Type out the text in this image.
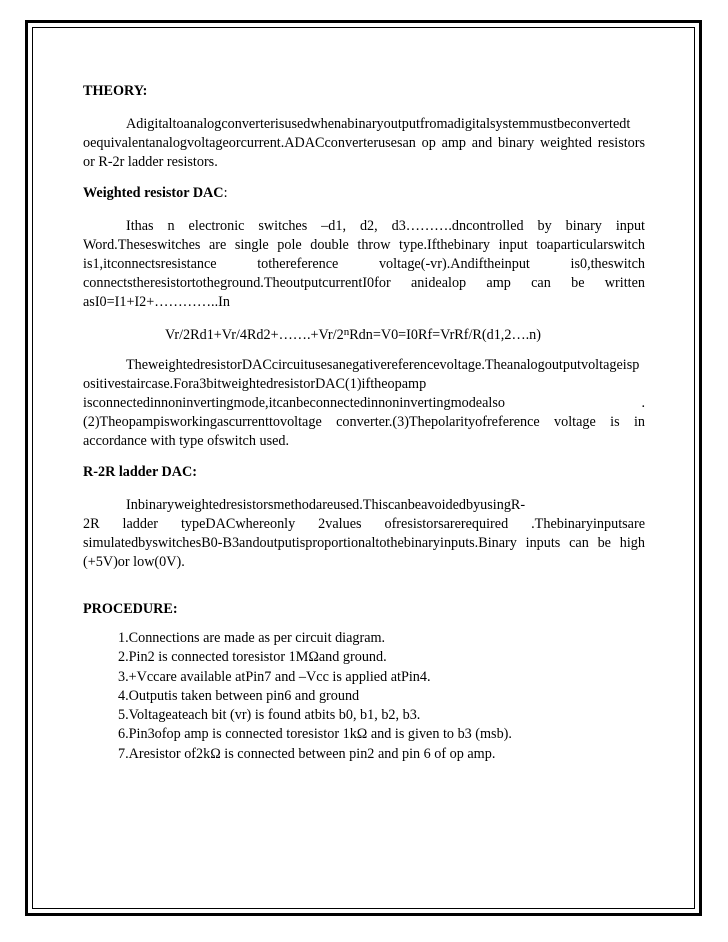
THEORY:

Adigitaltoanalogconverterisusedwhenabinaryoutputfromadigitalsystemmustbeconvertedt

oequivalentanalogvoltageorcurrent.ADACconverterusesan op amp and binary weighted resistors or R-2r ladder resistors.

Weighted resistor DAC:

Ithas n electronic switches –d1, d2, d3……….dncontrolled by binary input Word.Theseswitches are single pole double throw type.Ifthebinary input toaparticularswitch is1,itconnectsresistance tothereference voltage(-vr).Andiftheinput is0,theswitch connectstheresistortotheground.TheoutputcurrentI0for anidealop amp can be written asI0=I1+I2+…………..In

$Vr/2Rd1+Vr/4Rd2+\dots\dots.+Vr/2^nRdn=V0=I0Rf=VrRf/R(d1,2\dots.n)$

TheweightedresistorDACcircuitusesanegativereferencevoltage.Theanalogoutputvoltageisp

ositivestaircase.Fora3bitweightedresistorDAC(1)iftheopamp isconnectedinnoninvertingmode,itcanbeconnectedinnoninvertingmodealso .(2)Theopampisworkingascurrenttovoltage converter.(3)Thepolarityofreference voltage is in accordance with type ofswitch used.

R-2R ladder DAC:

Inbinaryweightedresistorsmethodareused.ThiscanbeavoidedbyusingR-

2R ladder typeDACwhereonly 2values ofresistorsarerequired .Thebinaryinputsare simulatedbyswitchesB0-B3andoutputisproportionaltothebinaryinputs.Binary inputs can be high (+5V)or low(0V).

PROCEDURE:
1.Connections are made as per circuit diagram.
2.Pin2 is connected toresistor 1MΩand ground.
3.+Vccare available atPin7 and –Vcc is applied atPin4.
4.Outputis taken between pin6 and ground
5.Voltageateach bit (vr) is found atbits b0, b1, b2, b3.
6.Pin3ofop amp is connected toresistor 1kΩ and is given to b3 (msb).
7.Aresistor of2kΩ is connected between pin2 and pin 6 of op amp.
